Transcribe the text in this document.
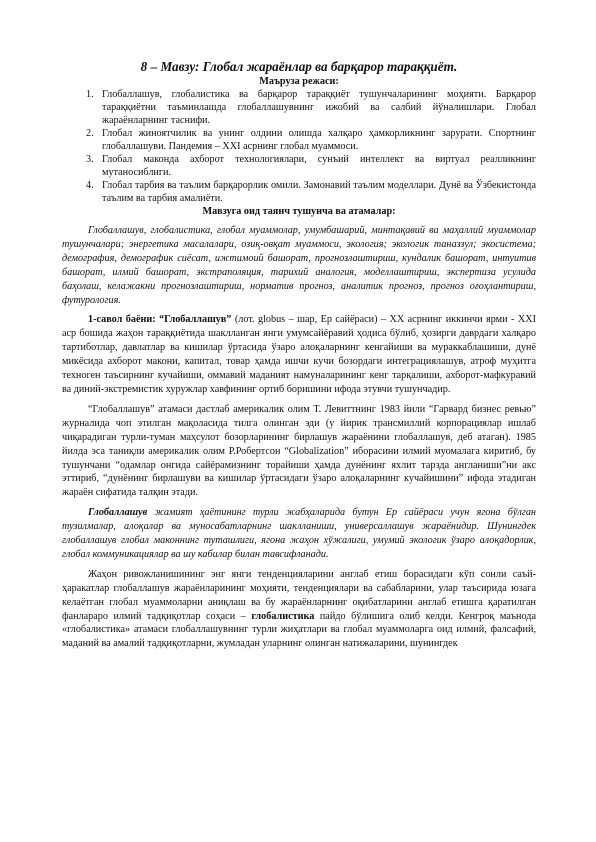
8 – Мавзу: Глобал жараёнлар ва барқарор тараққиёт.
Маъруза режаси:
1. Глобаллашув, глобалистика ва барқарор тараққиёт тушунчаларининг моҳияти. Барқарор тараққиётни таъминлашда глобаллашувнинг ижобий ва салбий йўналишлари. Глобал жараёнларнинг таснифи.
2. Глобал жиноятчилик ва унинг олдини олишда халқаро ҳамкорликнинг зарурати. Спортнинг глобаллашуви. Пандемия – XXI асрнинг глобал муаммоси.
3. Глобал маконда ахборот технологиялари, сунъий интеллект ва виртуал реалликнинг мутаносиблиги.
4. Глобал тарбия ва таълим барқарорлик омили. Замонавий таълим моделлари. Дунё ва Ўзбекистонда таълим ва тарбия амалиёти.
Мавзуга оид таянч тушунча ва атамалар:

Глобаллашув, глобалистика, глобал муаммолар, умумбашарий, минтақавий ва маҳаллий муаммолар тушунчалари; энергетика масалалари, озиқ-овқат муаммоси, экология; экологик таназзул; экосистема; демография, демографик сиёсат, ижтимоий башорат, прогнозлаштириш, кундалик башорат, интуитив башорат, илмий башорат, экстраполяция, тарихий аналогия, моделлаштириш, экспертиза усулида баҳолаш, келажакни прогнозлаштириш, норматив прогноз, аналитик прогноз, прогноз оғоҳлантириш, футурология.

1-савол баёни: “Глобаллашув” (лот. globus – шар, Ер сайёраси) – XX асрнинг иккинчи ярми - XXI аср бошида жаҳон тараққиётида шаклланган янги умумсайёравий ҳодиса бўлиб, ҳозирги даврдаги халқаро тартиботлар, давлатлар ва кишилар ўртасида ўзаро алоқаларнинг кенгайиши ва мураккаблашиши, дунё микёсида ахборот макони, капитал, товар ҳамда ишчи кучи бозордаги интеграциялашув, атроф муҳитга техноген таъсирнинг кучайиши, оммавий маданият намуналарининг кенг тарқалиши, ахборот-мафкуравий ва диний-экстремистик хуружлар хавфининг ортиб боришини ифода этувчи тушунчадир.

“Глобаллашув” атамаси дастлаб америкалик олим Т. Левиттнинг 1983 йили “Гарвард бизнес ревью” журналида чоп этилган мақоласида тилга олинган эди (у йирик трансмиллий корпорациялар ишлаб чиқарадиган турли-туман маҳсулот бозорларининг бирлашув жараёнини глобаллашув, деб атаган). 1985 йилда эса таниқли америкалик олим Р.Робертсон “Globalization” иборасини илмий муомалага киритиб, бу тушунчани “одамлар онгида сайёрамизнинг торайиши ҳамда дунёнинг яхлит тарзда англаниши”ни акс эттириб, “дунёнинг бирлашуви ва кишилар ўртасидаги ўзаро алоқаларнинг кучайишини” ифода этадиган жараён сифатида талқин этади.

Глобаллашув жамият ҳаётининг турли жабҳаларида бутун Ер сайёраси учун ягона бўлган тузилмалар, алоқалар ва муносабатларнинг шаклланиши, универсаллашув жараёнидир. Шунингдек глобаллашув глобал маконнинг туташлиги, ягона жаҳон хўжалиги, умумий экологик ўзаро алоқадорлик, глобал коммуникациялар ва шу кабилар билан тавсифланади.

Жаҳон ривожланишининг энг янги тенденцияларини англаб етиш борасидаги кўп сонли саъй-ҳаракатлар глобаллашув жараёнларининг моҳияти, тенденциялари ва сабабларини, улар таъсирида юзага келаётган глобал муаммоларни аниқлаш ва бу жараёнларнинг оқибатларини англаб етишга қаратилган фанлараро илмий тадқиқотлар соҳаси – глобалистика пайдо бўлишига олиб келди. Кенгроқ маънода «глобалистика» атамаси глобаллашувнинг турли жиҳатлари ва глобал муаммоларга оид илмий, фалсафий, маданий ва амалий тадқиқотларни, жумладан уларнинг олинган натижаларини, шунингдек
